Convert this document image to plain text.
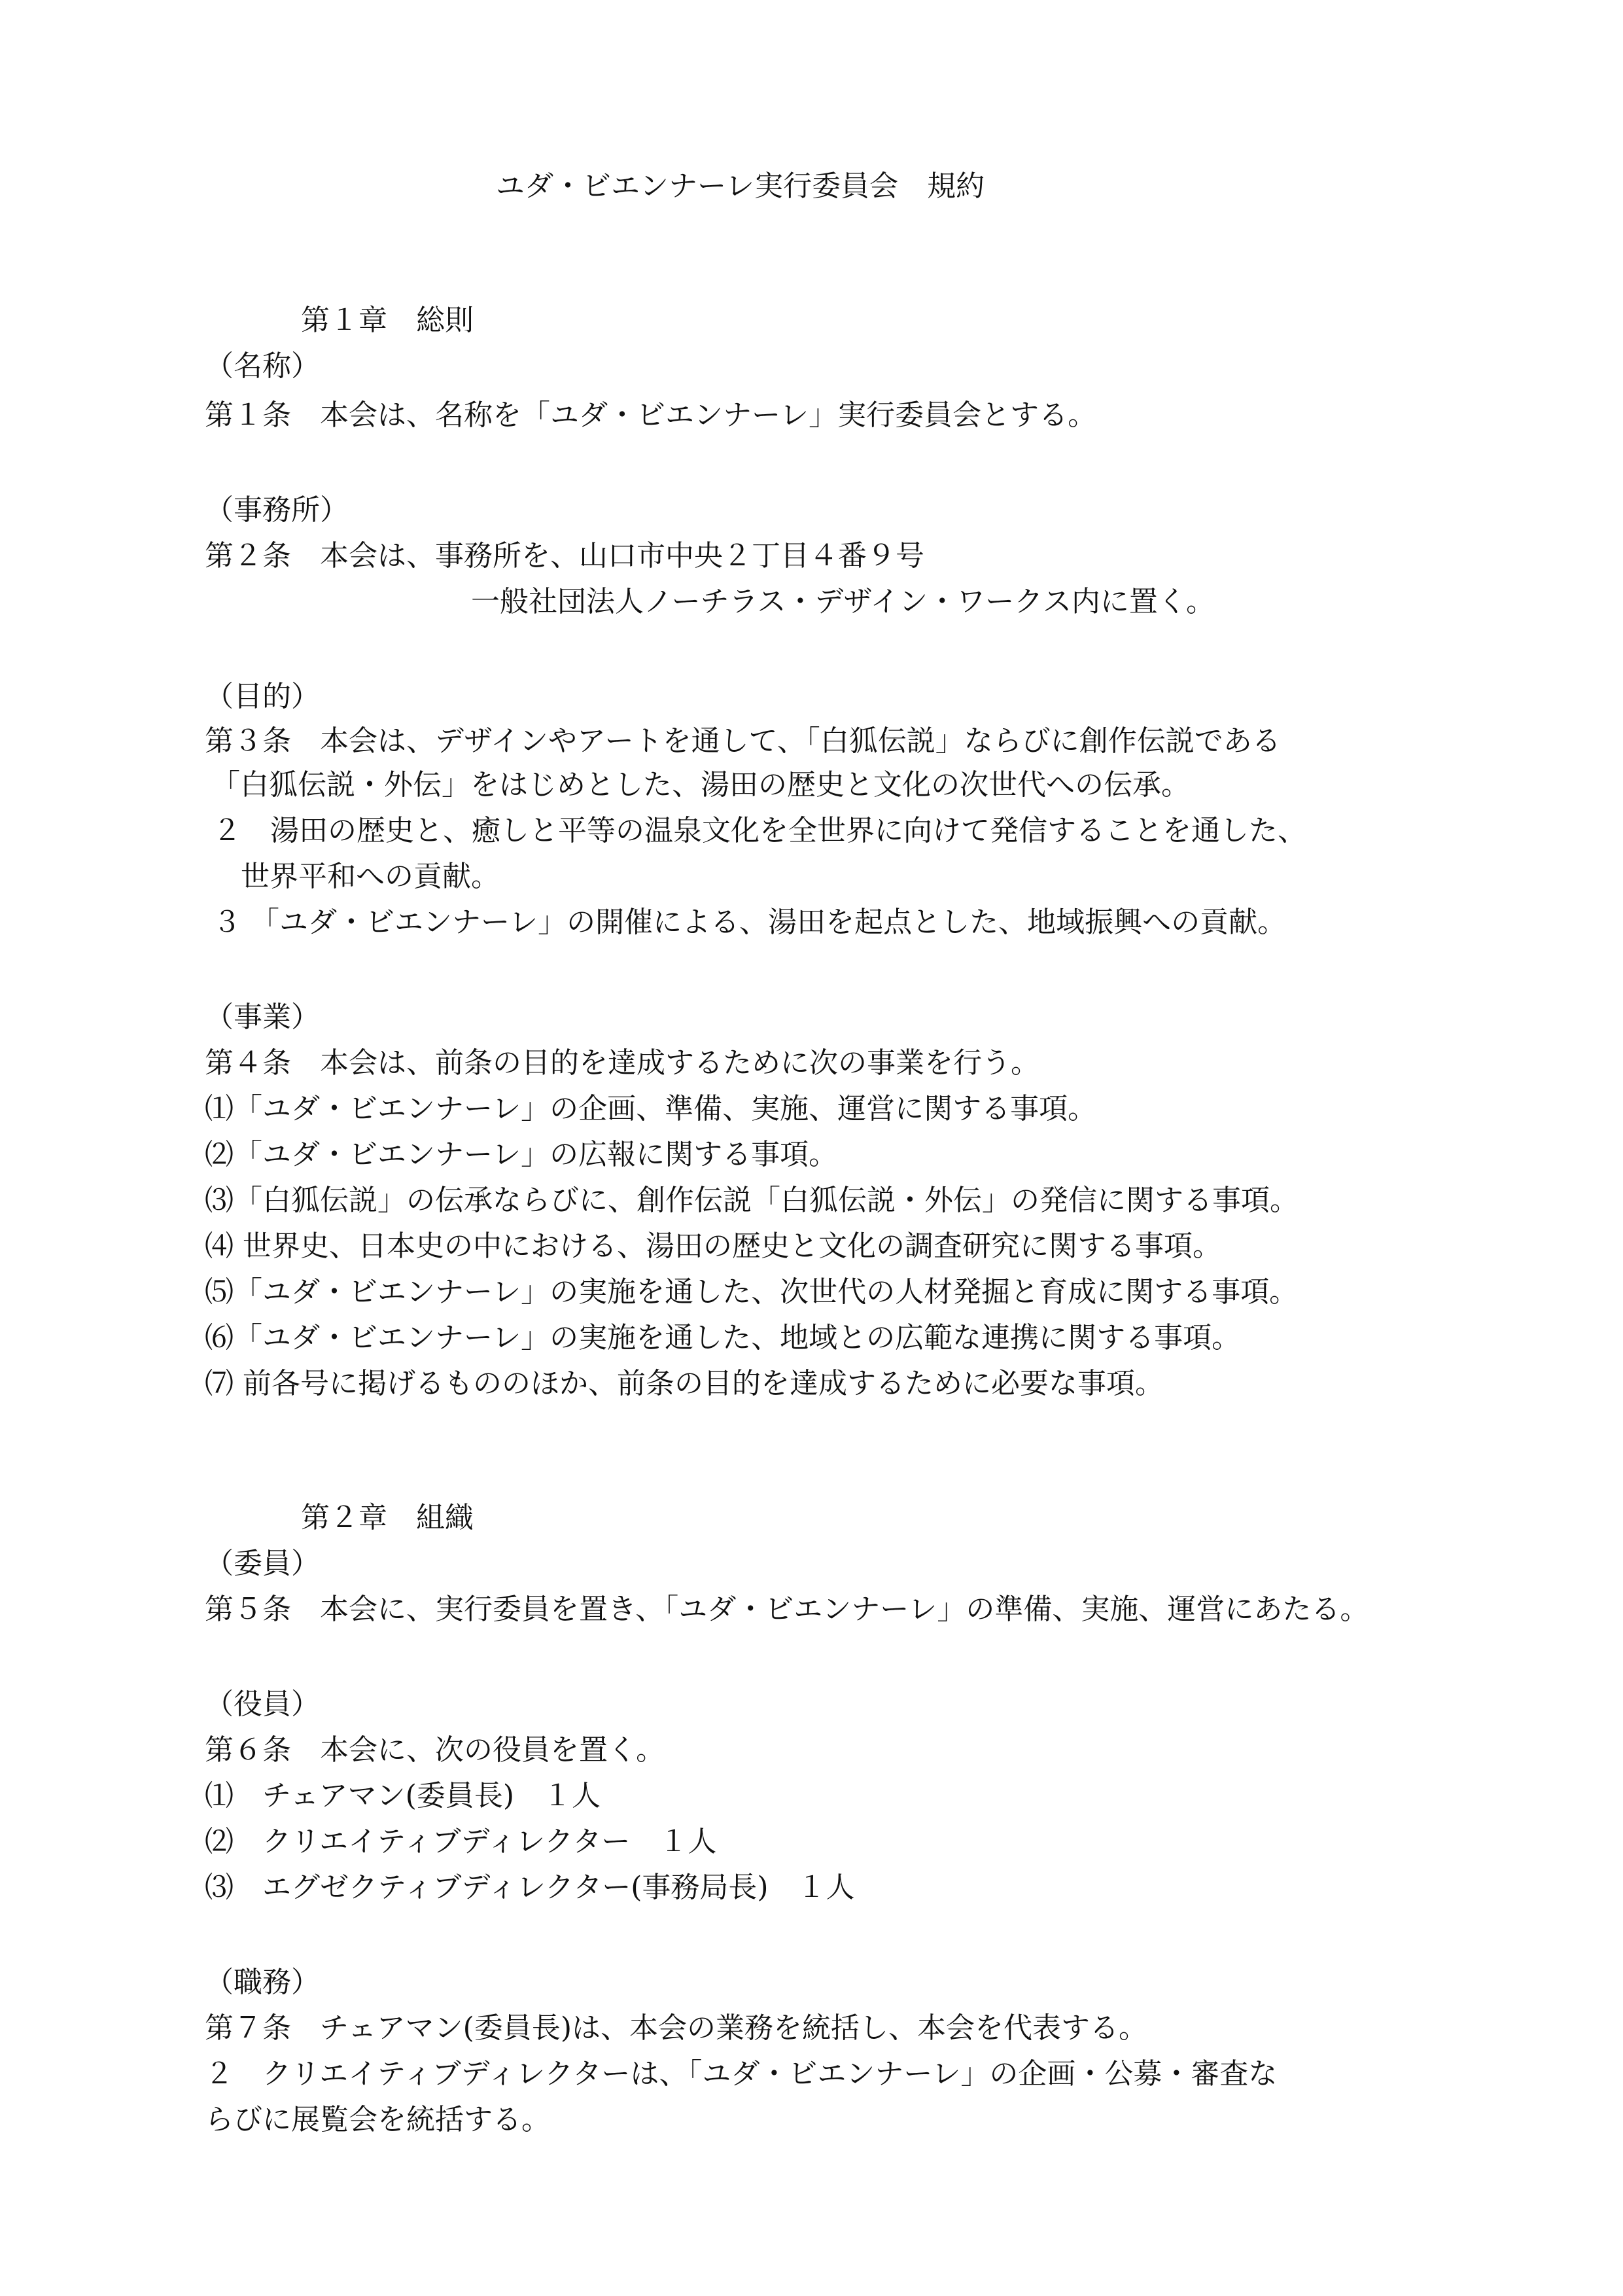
ユダ・ビエンナーレ実行委員会　規約

第１章　総則

（名称）

第１条　本会は、名称を「ユダ・ビエンナーレ」実行委員会とする。

（事務所）

第２条　本会は、事務所を、山口市中央２丁目４番９号

一般社団法人ノーチラス・デザイン・ワークス内に置く。

（目的）

第３条　本会は、デザインやアートを通して、「白狐伝説」ならびに創作伝説である

「白狐伝説・外伝」をはじめとした、湯田の歴史と文化の次世代への伝承。

２　湯田の歴史と、癒しと平等の温泉文化を全世界に向けて発信することを通した、

世界平和への貢献。

３ 「ユダ・ビエンナーレ」の開催による、湯田を起点とした、地域振興への貢献。

（事業）

第４条　本会は、前条の目的を達成するために次の事業を行う。

⑴「ユダ・ビエンナーレ」の企画、準備、実施、運営に関する事項。

⑵「ユダ・ビエンナーレ」の広報に関する事項。

⑶「白狐伝説」の伝承ならびに、創作伝説「白狐伝説・外伝」の発信に関する事項。

⑷ 世界史、日本史の中における、湯田の歴史と文化の調査研究に関する事項。

⑸「ユダ・ビエンナーレ」の実施を通した、次世代の人材発掘と育成に関する事項。

⑹「ユダ・ビエンナーレ」の実施を通した、地域との広範な連携に関する事項。

⑺ 前各号に掲げるもののほか、前条の目的を達成するために必要な事項。

第２章　組織

（委員）

第５条　本会に、実行委員を置き、「ユダ・ビエンナーレ」の準備、実施、運営にあたる。

（役員）

第６条　本会に、次の役員を置く。

⑴　チェアマン(委員長)　１人

⑵　クリエイティブディレクター　１人

⑶　エグゼクティブディレクター(事務局長)　１人

（職務）

第７条　チェアマン(委員長)は、本会の業務を統括し、本会を代表する。

２　クリエイティブディレクターは、「ユダ・ビエンナーレ」の企画・公募・審査な

らびに展覧会を統括する。
